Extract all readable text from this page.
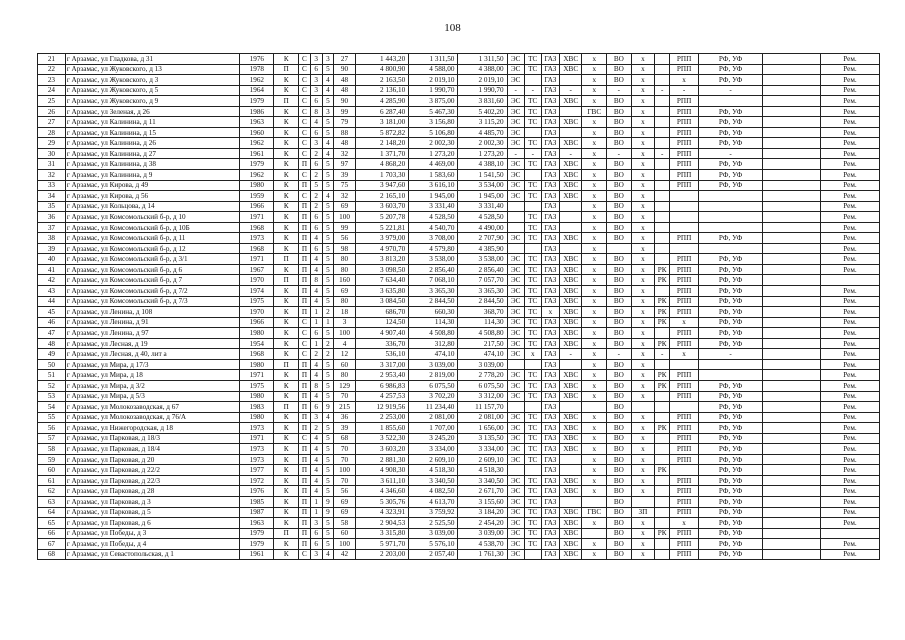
108
21	г Арзамас, ул Гладкова, д 31	1976	К	С	3	3	27	1 443,20	1 311,50	1 311,50	ЭС	ТС	ГАЗ	ХВС	х	ВО	х		РПП	РФ, УФ		Рем.
22	г Арзамас, ул Жуковского, д 13	1978	П	С	6	5	90	4 800,90	4 588,00	4 388,00	ЭС	ТС	ГАЗ	ХВС	х	ВО	х		РПП	РФ, УФ		Рем.
23	г Арзамас, ул Жуковского, д 3	1962	К	С	3	4	48	2 163,50	2 019,10	2 019,10	ЭС		ГАЗ		х	ВО	х		х	РФ, УФ		Рем.
24	г Арзамас, ул Жуковского, д 5	1964	К	С	3	4	48	2 136,10	1 990,70	1 990,70	-	-	ГАЗ	-	х	-	х	-	-	-		Рем.
25	г Арзамас, ул Жуковского, д 9	1979	П	С	6	5	90	4 285,90	3 875,00	3 831,60	ЭС	ТС	ГАЗ	ХВС	х	ВО	х		РПП			Рем.
26	г Арзамас, ул Зеленая, д 26	1986	К	С	8	3	99	6 287,40	5 467,30	5 402,20	ЭС	ТС	ГАЗ		ГВС	ВО	х		РПП	РФ, УФ		Рем.
27	г Арзамас, ул Калинина, д 11	1963	К	С	4	5	79	3 181,00	3 156,80	3 115,20	ЭС	ТС	ГАЗ	ХВС	х	ВО	х		РПП	РФ, УФ		Рем.
28	г Арзамас, ул Калинина, д 15	1960	К	С	6	5	88	5 872,82	5 106,80	4 485,70	ЭС		ГАЗ		х	ВО	х		РПП	РФ, УФ		Рем.
29	г Арзамас, ул Калинина, д 26	1962	К	С	3	4	48	2 148,20	2 002,30	2 002,30	ЭС	ТС	ГАЗ	ХВС	х	ВО	х		РПП	РФ, УФ		Рем.
30	г Арзамас, ул Калинина, д 27	1961	К	С	2	4	32	1 371,70	1 273,20	1 273,20	-	-	ГАЗ	-	х	-	х	-	РПП	-		Рем.
31	г Арзамас, ул Калинина, д 38	1979	К	П	6	5	97	4 868,20	4 469,00	4 388,10	ЭС	ТС	ГАЗ	ХВС	х	ВО	х		РПП	РФ, УФ		Рем.
32	г Арзамас, ул Калинина, д 9	1962	К	С	2	5	39	1 703,30	1 583,60	1 541,50	ЭС		ГАЗ	ХВС	х	ВО	х		РПП	РФ, УФ		Рем.
33	г Арзамас, ул Кирова, д 49	1980	К	П	5	5	75	3 947,60	3 616,10	3 534,00	ЭС	ТС	ГАЗ	ХВС	х	ВО	х		РПП	РФ, УФ		Рем.
34	г Арзамас, ул Кирова, д 56	1959	К	С	2	4	32	2 165,10	1 945,00	1 945,00	ЭС	ТС	ГАЗ	ХВС	х	ВО	х					Рем.
35	г Арзамас, ул Кольцова, д 14	1966	К	П	2	5	69	3 603,70	3 331,40	3 331,40			ГАЗ		х	ВО	х					Рем.
36	г Арзамас, ул Комсомольский б-р, д 10	1971	К	П	6	5	100	5 207,78	4 528,50	4 528,50		ТС	ГАЗ		х	ВО	х					Рем.
37	г Арзамас, ул Комсомольский б-р, д 10Б	1968	К	П	6	5	99	5 221,81	4 540,70	4 490,00		ТС	ГАЗ		х	ВО	х					Рем.
38	г Арзамас, ул Комсомольский б-р, д 11	1973	К	П	4	5	56	3 979,00	3 708,00	2 707,90	ЭС	ТС	ГАЗ	ХВС	х	ВО	х		РПП	РФ, УФ		Рем.
39	г Арзамас, ул Комсомольский б-р, д 12	1968	К	П	6	5	98	4 970,70	4 579,80	4 385,90			ГАЗ		х		х					Рем.
40	г Арзамас, ул Комсомольский б-р, д 3/1	1971	П	П	4	5	80	3 813,20	3 538,00	3 538,00	ЭС	ТС	ГАЗ	ХВС	х	ВО	х		РПП	РФ, УФ		Рем.
41	г Арзамас, ул Комсомольский б-р, д 6	1967	К	П	4	5	80	3 098,50	2 856,40	2 856,40	ЭС	ТС	ГАЗ	ХВС	х	ВО	х	РК	РПП	РФ, УФ		Рем.
42	г Арзамас, ул Комсомольский б-р, д 7	1970	П	П	8	5	160	7 634,40	7 068,10	7 057,70	ЭС	ТС	ГАЗ	ХВС	х	ВО	х	РК	РПП	РФ, УФ		
43	г Арзамас, ул Комсомольский б-р, д 7/2	1974	К	П	4	5	69	3 635,80	3 365,30	3 365,30	ЭС	ТС	ГАЗ	ХВС	х	ВО	х		РПП	РФ, УФ		Рем.
44	г Арзамас, ул Комсомольский б-р, д 7/3	1975	К	П	4	5	80	3 084,50	2 844,50	2 844,50	ЭС	ТС	ГАЗ	ХВС	х	ВО	х	РК	РПП	РФ, УФ		Рем.
45	г Арзамас, ул Ленина, д 108	1970	К	П	1	2	18	686,70	660,30	368,70	ЭС	ТС	х	ХВС	х	ВО	х	РК	РПП	РФ, УФ		Рем.
46	г Арзамас, ул Ленина, д 91	1966	К	С	1	1	3	124,50	114,30	114,30	ЭС	ТС	ГАЗ	ХВС	х	ВО	х	РК	х	РФ, УФ		Рем.
47	г Арзамас, ул Ленина, д 97	1980	К	С	6	5	100	4 907,40	4 508,80	4 508,80	ЭС	ТС	ГАЗ	ХВС	х	ВО	х		РПП	РФ, УФ		Рем.
48	г Арзамас, ул Лесная, д 19	1954	К	С	1	2	4	336,70	312,80	217,50	ЭС	ТС	ГАЗ	ХВС	х	ВО	х	РК	РПП	РФ, УФ		Рем.
49	г Арзамас, ул Лесная, д 40, лит а	1968	К	С	2	2	12	536,10	474,10	474,10	ЭС	х	ГАЗ	-	х	-	х	-	х	-		Рем.
50	г Арзамас, ул Мира, д 17/3	1980	П	П	4	5	60	3 317,00	3 039,00	3 039,00			ГАЗ		х	ВО	х					Рем.
51	г Арзамас, ул Мира, д 18	1971	К	П	4	5	80	2 953,40	2 819,00	2 778,20	ЭС	ТС	ГАЗ	ХВС	х	ВО	х	РК	РПП			Рем.
52	г Арзамас, ул Мира, д 3/2	1975	К	П	8	5	129	6 986,83	6 075,50	6 075,50	ЭС	ТС	ГАЗ	ХВС	х	ВО	х	РК	РПП	РФ, УФ		Рем.
53	г Арзамас, ул Мира, д 5/3	1980	К	П	4	5	70	4 257,53	3 702,20	3 312,00	ЭС	ТС	ГАЗ	ХВС	х	ВО	х		РПП	РФ, УФ		Рем.
54	г Арзамас, ул Молокозаводская, д 67	1983	П	П	6	9	215	12 919,56	11 234,40	11 157,70			ГАЗ			ВО				РФ, УФ		Рем.
55	г Арзамас, ул Молокозаводская, д 76/А	1980	К	П	3	4	36	2 253,00	2 081,00	2 081,00	ЭС	ТС	ГАЗ	ХВС	х	ВО	х		РПП	РФ, УФ		Рем.
56	г Арзамас, ул Нижегородская, д 18	1973	К	П	2	5	39	1 855,60	1 707,00	1 656,00	ЭС	ТС	ГАЗ	ХВС	х	ВО	х	РК	РПП	РФ, УФ		Рем.
57	г Арзамас, ул Парковая, д 18/3	1971	К	С	4	5	68	3 522,30	3 245,20	3 135,50	ЭС	ТС	ГАЗ	ХВС	х	ВО	х		РПП	РФ, УФ		Рем.
58	г Арзамас, ул Парковая, д 18/4	1973	К	П	4	5	70	3 603,20	3 334,00	3 334,00	ЭС	ТС	ГАЗ	ХВС	х	ВО	х		РПП	РФ, УФ		Рем.
59	г Арзамас, ул Парковая, д 20	1973	К	П	4	5	70	2 881,30	2 609,10	2 609,10	ЭС	ТС	ГАЗ		х	ВО	х		РПП	РФ, УФ		Рем.
60	г Арзамас, ул Парковая, д 22/2	1977	К	П	4	5	100	4 908,30	4 518,30	4 518,30			ГАЗ		х	ВО	х	РК		РФ, УФ		Рем.
61	г Арзамас, ул Парковая, д 22/3	1972	К	П	4	5	70	3 611,10	3 340,50	3 340,50	ЭС	ТС	ГАЗ	ХВС	х	ВО	х		РПП	РФ, УФ		Рем.
62	г Арзамас, ул Парковая, д 28	1976	К	П	4	5	56	4 346,60	4 082,50	2 671,70	ЭС	ТС	ГАЗ	ХВС	х	ВО	х		РПП	РФ, УФ		Рем.
63	г Арзамас, ул Парковая, д 3	1985	К	П	1	9	69	5 305,76	4 613,70	3 155,60	ЭС	ТС	ГАЗ			ВО			РПП	РФ, УФ		Рем.
64	г Арзамас, ул Парковая, д 5	1987	К	П	1	9	69	4 323,91	3 759,92	3 184,20	ЭС	ТС	ГАЗ	ХВС	ГВС	ВО	ЗП		РПП	РФ, УФ		Рем.
65	г Арзамас, ул Парковая, д 6	1963	К	П	3	5	58	2 904,53	2 525,50	2 454,20	ЭС	ТС	ГАЗ	ХВС	х	ВО	х		х	РФ, УФ		Рем.
66	г Арзамас, ул Победы, д 3	1979	П	П	6	5	60	3 315,80	3 039,00	3 039,00	ЭС	ТС	ГАЗ	ХВС		ВО	х	РК	РПП	РФ, УФ		
67	г Арзамас, ул Победы, д 4	1979	К	П	6	5	100	5 971,70	5 576,10	4 538,70	ЭС	ТС	ГАЗ	ХВС	х	ВО	х		РПП	РФ, УФ		Рем.
68	г Арзамас, ул Севастопольская, д 1	1961	К	С	3	4	42	2 203,00	2 057,40	1 761,30	ЭС		ГАЗ	ХВС	х	ВО	х		РПП	РФ, УФ		Рем.
